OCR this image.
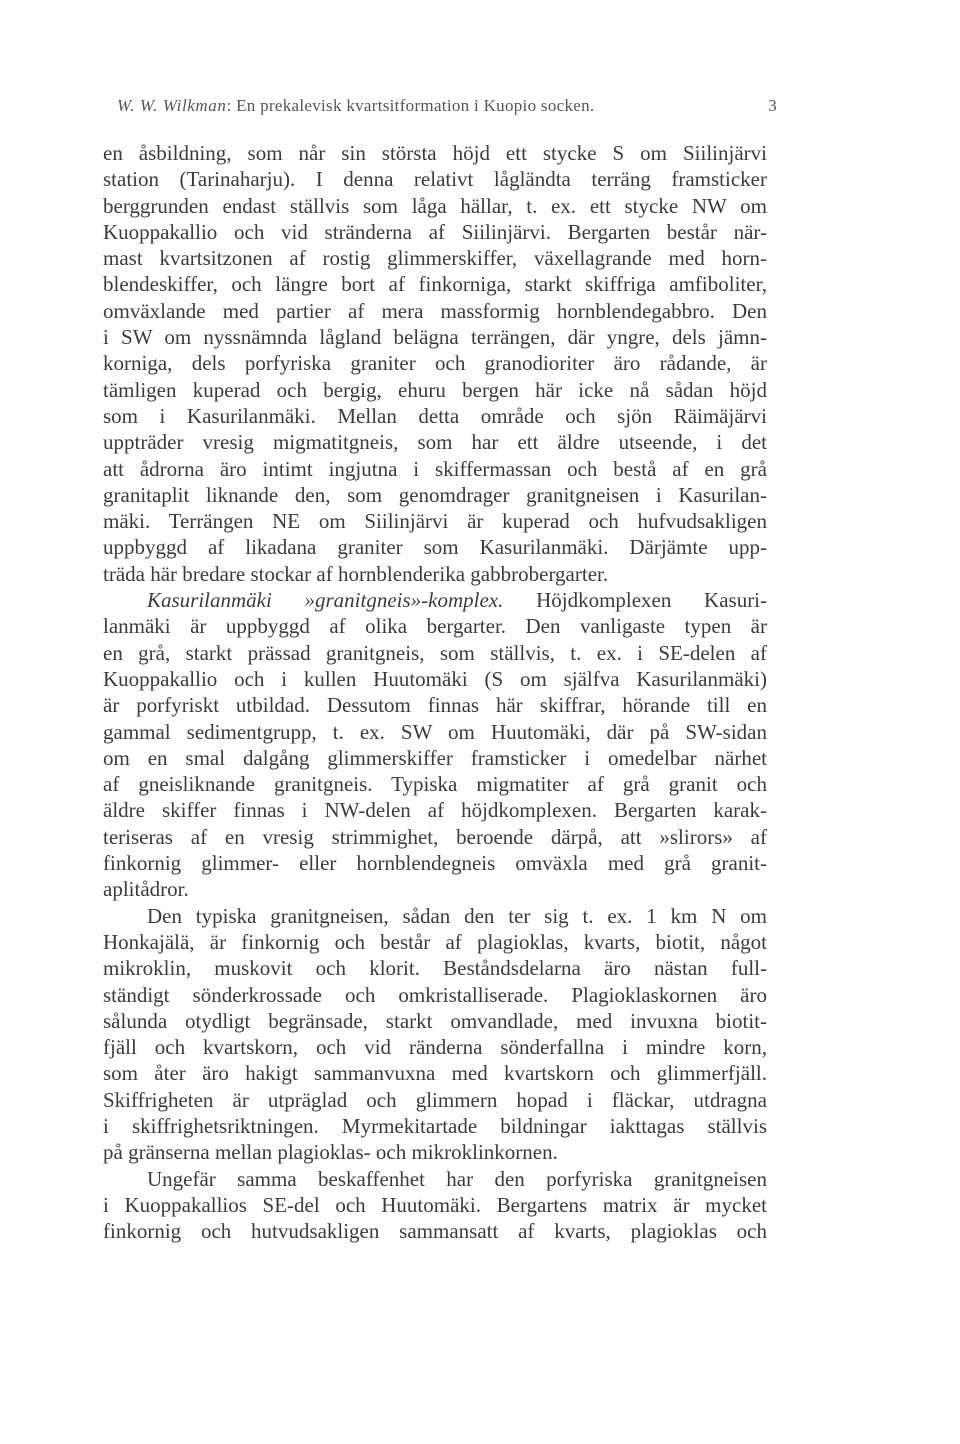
W. W. Wilkman: En prekalevisk kvartsitformation i Kuopio socken.	3
en åsbildning, som når sin största höjd ett stycke S om Siilinjärvi
station (Tarinaharju). I denna relativt lågländta terräng framsticker
berggrunden endast ställvis som låga hällar, t. ex. ett stycke NW om
Kuoppakallio och vid stränderna af Siilinjärvi. Bergarten består när-
mast kvartsitzonen af rostig glimmerskiffer, växellagrande med horn-
blendeskiffer, och längre bort af finkorniga, starkt skiffriga amfiboliter,
omväxlande med partier af mera massformig hornblendegabbro. Den
i SW om nyssnämnda lågland belägna terrängen, där yngre, dels jämn-
korniga, dels porfyriska graniter och granodioriter äro rådande, är
tämligen kuperad och bergig, ehuru bergen här icke nå sådan höjd
som i Kasurilanmäki. Mellan detta område och sjön Räimäjärvi
uppträder vresig migmatitgneis, som har ett äldre utseende, i det
att ådrorna äro intimt ingjutna i skiffermassan och bestå af en grå
granitaplit liknande den, som genomdrager granitgneisen i Kasurilan-
mäki. Terrängen NE om Siilinjärvi är kuperad och hufvudsakligen
uppbyggd af likadana graniter som Kasurilanmäki. Därjämte upp-
träda här bredare stockar af hornblenderika gabbrobergarter.
Kasurilanmäki »granitgneis»-komplex. Höjdkomplexen Kasuri-
lanmäki är uppbyggd af olika bergarter. Den vanligaste typen är
en grå, starkt prässad granitgneis, som ställvis, t. ex. i SE-delen af
Kuoppakallio och i kullen Huutomäki (S om själfva Kasurilanmäki)
är porfyriskt utbildad. Dessutom finnas här skiffrar, hörande till en
gammal sedimentgrupp, t. ex. SW om Huutomäki, där på SW-sidan
om en smal dalgång glimmerskiffer framsticker i omedelbar närhet
af gneisliknande granitgneis. Typiska migmatiter af grå granit och
äldre skiffer finnas i NW-delen af höjdkomplexen. Bergarten karak-
teriseras af en vresig strimmighet, beroende därpå, att »slirors» af
finkornig glimmer- eller hornblendegneis omväxla med grå granit-
aplitådror.
Den typiska granitgneisen, sådan den ter sig t. ex. 1 km N om
Honkajälä, är finkornig och består af plagioklas, kvarts, biotit, något
mikroklin, muskovit och klorit. Beståndsdelarna äro nästan full-
ständigt sönderkrossade och omkristalliserade. Plagioklaskornen äro
sålunda otydligt begränsade, starkt omvandlade, med invuxna biotit-
fjäll och kvartskorn, och vid ränderna sönderfallna i mindre korn,
som åter äro hakigt sammanvuxna med kvartskorn och glimmerfjäll.
Skiffrigheten är utpräglad och glimmern hopad i fläckar, utdragna
i skiffrighetsriktningen. Myrmekitartade bildningar iakttagas ställvis
på gränserna mellan plagioklas- och mikroklinkornen.
Ungefär samma beskaffenhet har den porfyriska granitgneisen
i Kuoppakallios SE-del och Huutomäki. Bergartens matrix är mycket
finkornig och hutvudsakligen sammansatt af kvarts, plagioklas och
